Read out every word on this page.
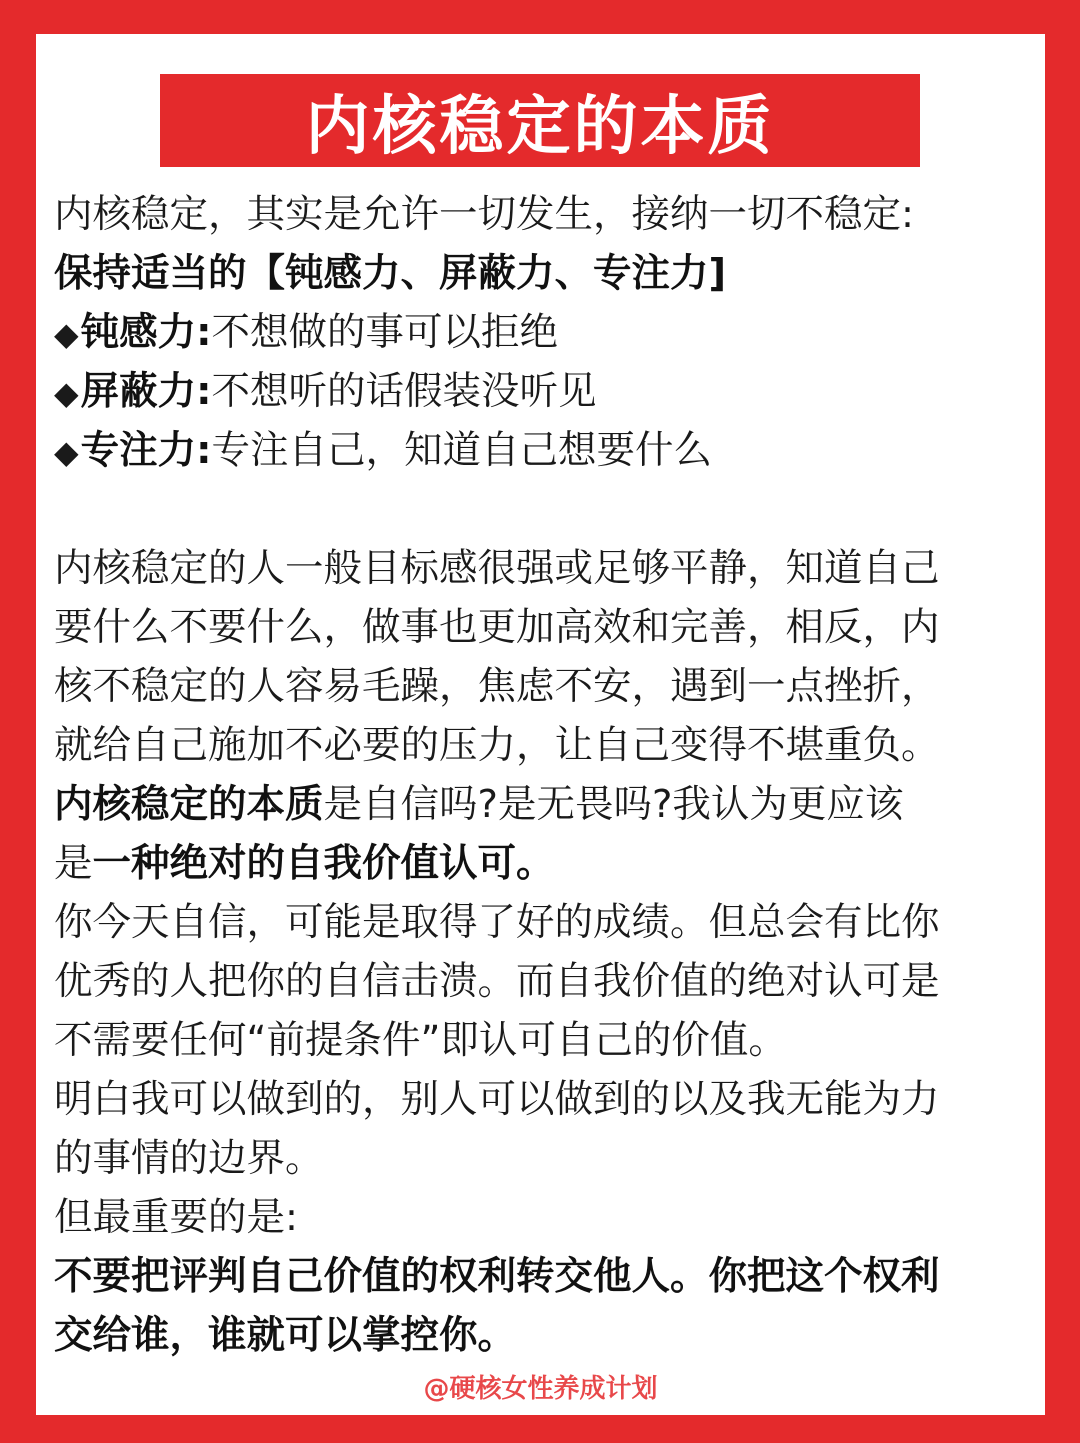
内核稳定的本质
内核稳定，其实是允许一切发生，接纳一切不稳定:
保持适当的【钝感力、屏蔽力、专注力]
◆钝感力:不想做的事可以拒绝
◆屏蔽力:不想听的话假装没听见
◆专注力:专注自己，知道自己想要什么
内核稳定的人一般目标感很强或足够平静，知道自己
要什么不要什么，做事也更加高效和完善，相反，内
核不稳定的人容易毛躁，焦虑不安，遇到一点挫折，
就给自己施加不必要的压力，让自己变得不堪重负。
内核稳定的本质是自信吗?是无畏吗?我认为更应该
是一种绝对的自我价值认可。
你今天自信，可能是取得了好的成绩。但总会有比你
优秀的人把你的自信击溃。而自我价值的绝对认可是
不需要任何“前提条件”即认可自己的价值。
明白我可以做到的，别人可以做到的以及我无能为力
的事情的边界。
但最重要的是:
不要把评判自己价值的权利转交他人。你把这个权利
交给谁，谁就可以掌控你。
@硬核女性养成计划
